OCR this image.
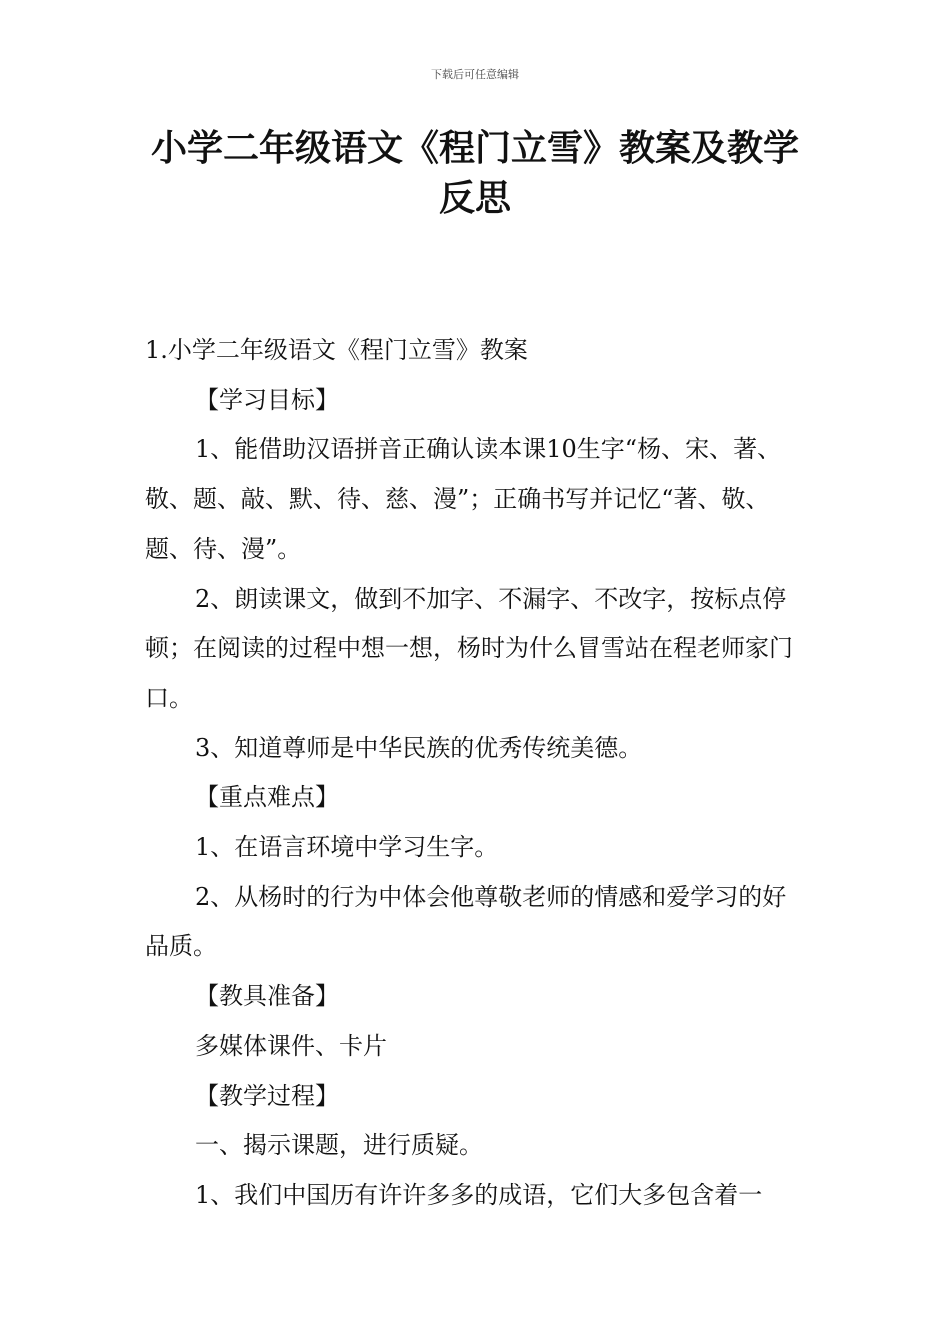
下载后可任意编辑
小学二年级语文《程门立雪》教案及教学
反思

1.小学二年级语文《程门立雪》教案

【学习目标】

1、能借助汉语拼音正确认读本课10生字“杨、宋、著、敬、题、敲、默、待、慈、漫”；正确书写并记忆“著、敬、题、待、漫”。

2、朗读课文，做到不加字、不漏字、不改字，按标点停顿；在阅读的过程中想一想，杨时为什么冒雪站在程老师家门口。

3、知道尊师是中华民族的优秀传统美德。

【重点难点】

1、在语言环境中学习生字。

2、从杨时的行为中体会他尊敬老师的情感和爱学习的好品质。

【教具准备】

多媒体课件、卡片

【教学过程】

一、揭示课题，进行质疑。

1、我们中国历有许许多多的成语，它们大多包含着一
